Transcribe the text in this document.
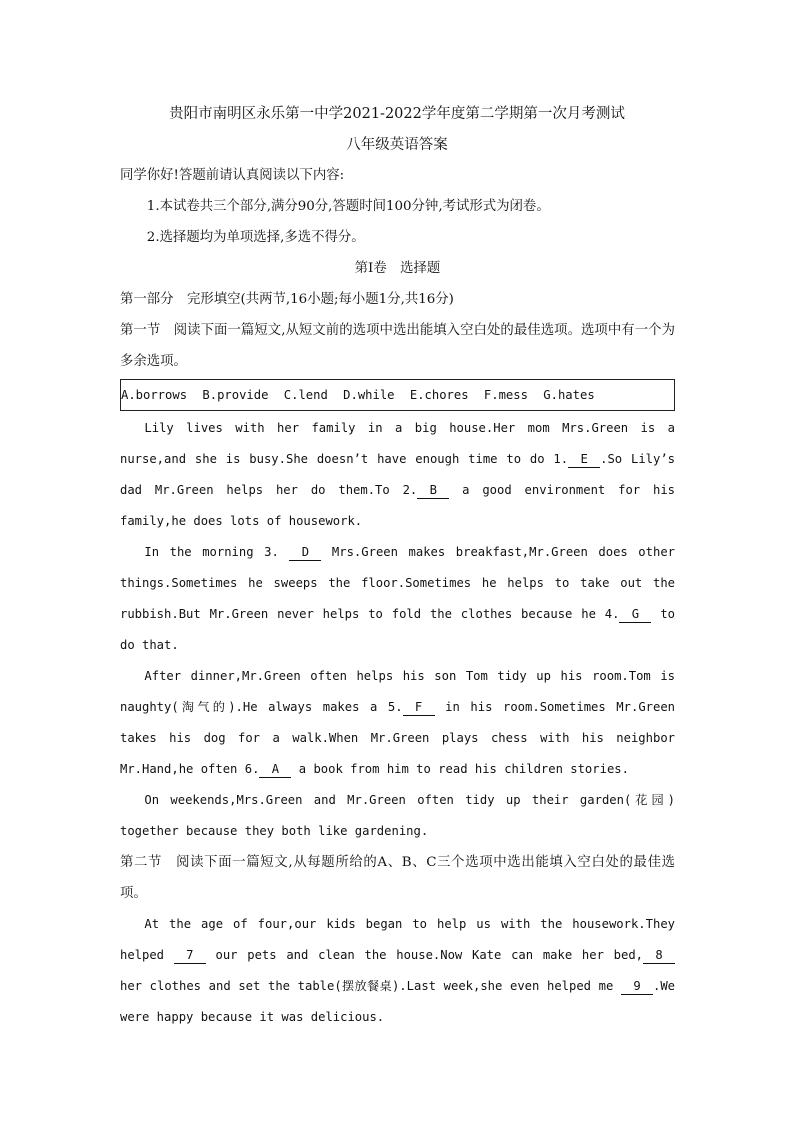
贵阳市南明区永乐第一中学2021-2022学年度第二学期第一次月考测试
八年级英语答案

同学你好!答题前请认真阅读以下内容:

1.本试卷共三个部分,满分90分,答题时间100分钟,考试形式为闭卷。

2.选择题均为单项选择,多选不得分。

第Ⅰ卷　选择题

第一部分　完形填空(共两节,16小题;每小题1分,共16分)

第一节　阅读下面一篇短文,从短文前的选项中选出能填入空白处的最佳选项。选项中有一个为多余选项。

A.borrows B.provide C.lend D.while E.chores F.mess G.hates

Lily lives with her family in a big house.Her mom Mrs.Green is a nurse,and she is busy.She doesn’t have enough time to do 1. E .So Lily’s dad Mr.Green helps her do them.To 2. B a good environment for his family,he does lots of housework.

In the morning 3. D Mrs.Green makes breakfast,Mr.Green does other things.Sometimes he sweeps the floor.Sometimes he helps to take out the rubbish.But Mr.Green never helps to fold the clothes because he 4. G to do that.

After dinner,Mr.Green often helps his son Tom tidy up his room.Tom is naughty(淘气的).He always makes a 5. F in his room.Sometimes Mr.Green takes his dog for a walk.When Mr.Green plays chess with his neighbor Mr.Hand,he often 6. A a book from him to read his children stories.

On weekends,Mrs.Green and Mr.Green often tidy up their garden(花园) together because they both like gardening.

第二节　阅读下面一篇短文,从每题所给的A、B、C三个选项中选出能填入空白处的最佳选项。

At the age of four,our kids began to help us with the housework.They helped 7 our pets and clean the house.Now Kate can make her bed, 8 her clothes and set the table(摆放餐桌).Last week,she even helped me 9 .We were happy because it was delicious.
